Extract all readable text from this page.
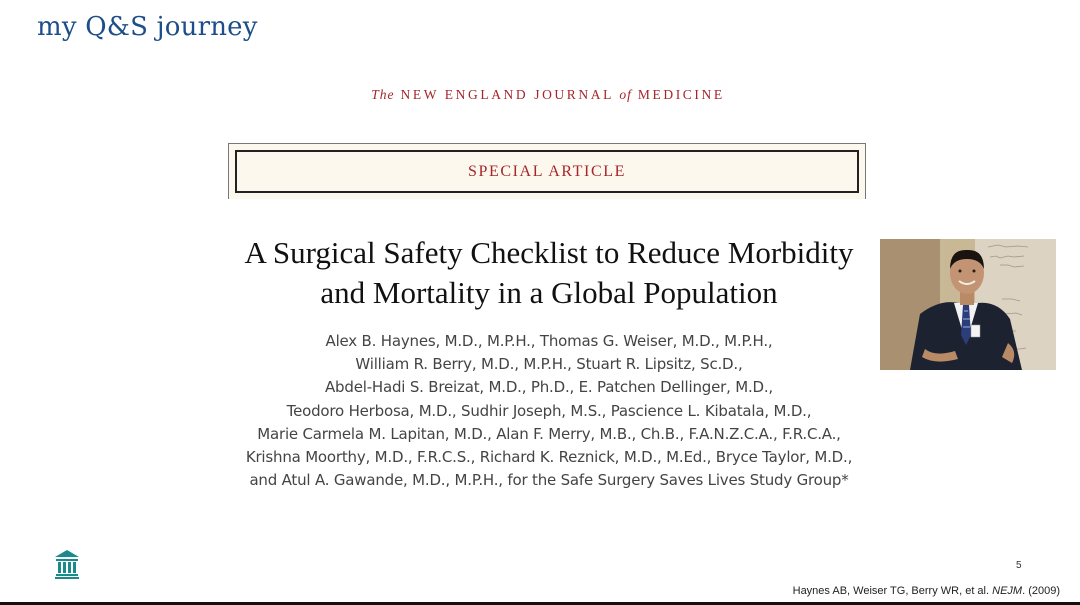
my Q&S journey
The NEW ENGLAND JOURNAL of MEDICINE
SPECIAL ARTICLE
A Surgical Safety Checklist to Reduce Morbidity
and Mortality in a Global Population
Alex B. Haynes, M.D., M.P.H., Thomas G. Weiser, M.D., M.P.H.,
William R. Berry, M.D., M.P.H., Stuart R. Lipsitz, Sc.D.,
Abdel-Hadi S. Breizat, M.D., Ph.D., E. Patchen Dellinger, M.D.,
Teodoro Herbosa, M.D., Sudhir Joseph, M.S., Pascience L. Kibatala, M.D.,
Marie Carmela M. Lapitan, M.D., Alan F. Merry, M.B., Ch.B., F.A.N.Z.C.A., F.R.C.A.,
Krishna Moorthy, M.D., F.R.C.S., Richard K. Reznick, M.D., M.Ed., Bryce Taylor, M.D.,
and Atul A. Gawande, M.D., M.P.H., for the Safe Surgery Saves Lives Study Group*
5
Haynes AB, Weiser TG, Berry WR, et al. NEJM. (2009)
